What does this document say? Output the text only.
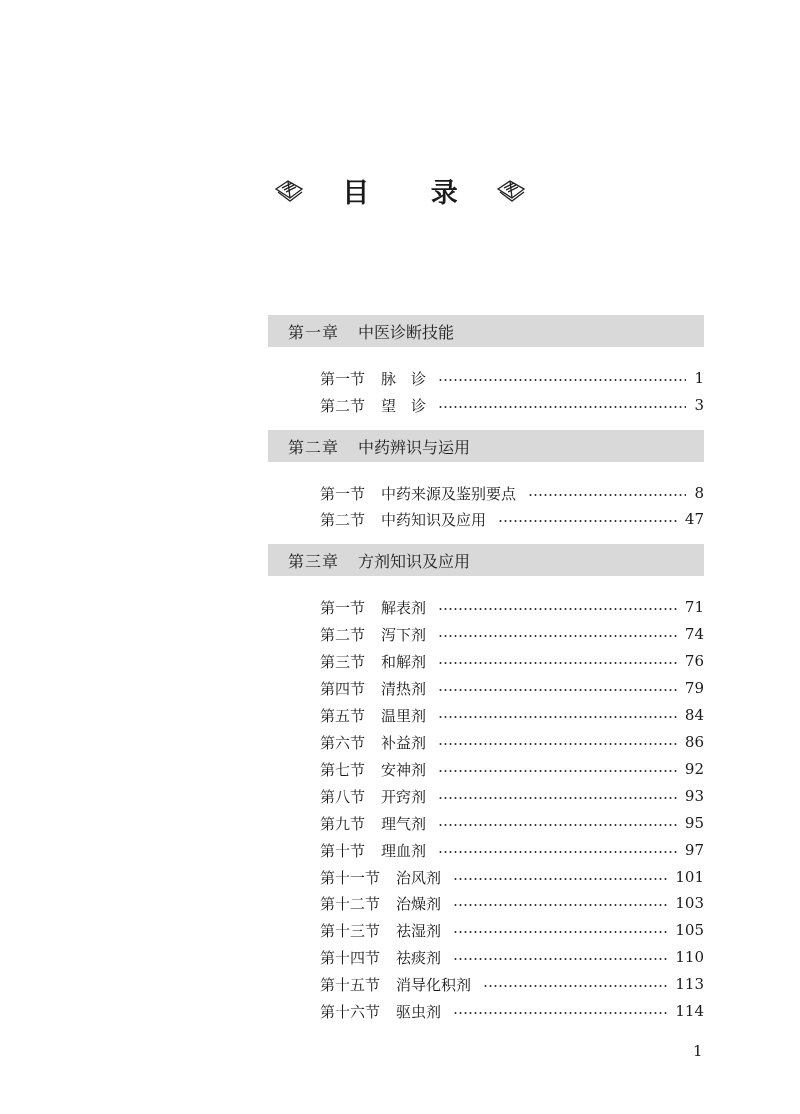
目 录
第一章	中医诊断技能
第一节 脉　诊	1
第二节 望　诊	3
第二章	中药辨识与运用
第一节 中药来源及鉴别要点	8
第二节 中药知识及应用	47
第三章	方剂知识及应用
第一节 解表剂	71
第二节 泻下剂	74
第三节 和解剂	76
第四节 清热剂	79
第五节 温里剂	84
第六节 补益剂	86
第七节 安神剂	92
第八节 开窍剂	93
第九节 理气剂	95
第十节 理血剂	97
第十一节 治风剂	101
第十二节 治燥剂	103
第十三节 祛湿剂	105
第十四节 祛痰剂	110
第十五节 消导化积剂	113
第十六节 驱虫剂	114
1
